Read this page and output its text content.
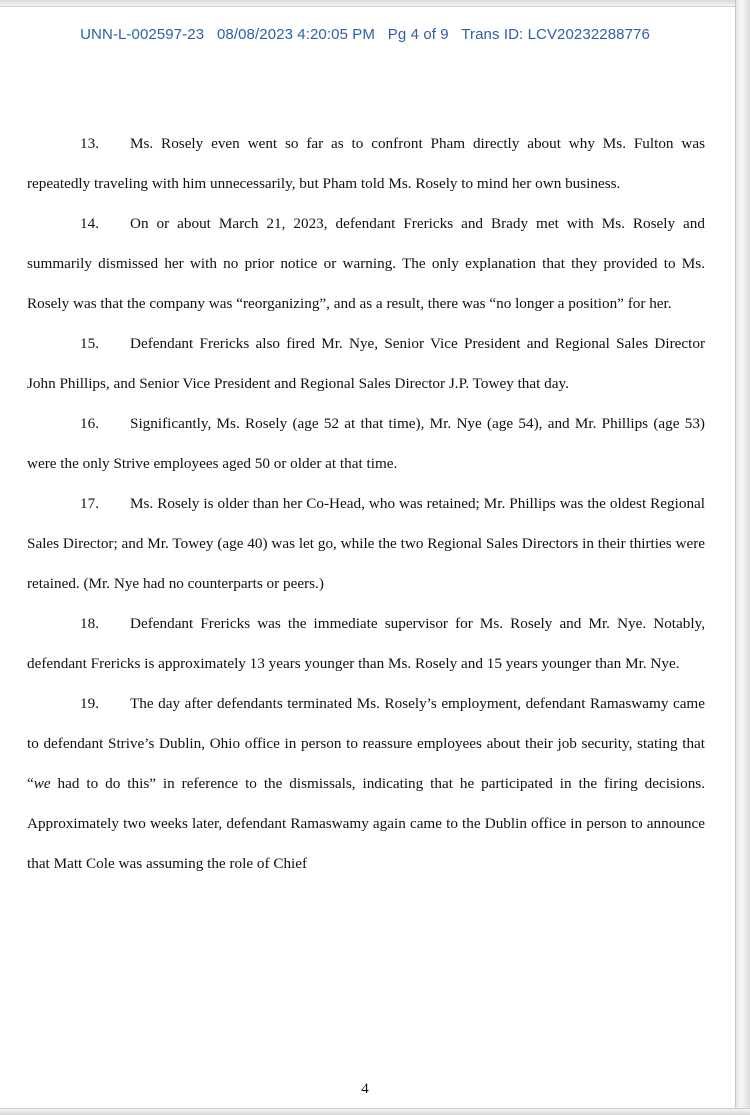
UNN-L-002597-23   08/08/2023 4:20:05 PM   Pg 4 of 9   Trans ID: LCV20232288776

13. Ms. Rosely even went so far as to confront Pham directly about why Ms. Fulton was repeatedly traveling with him unnecessarily, but Pham told Ms. Rosely to mind her own business.

14. On or about March 21, 2023, defendant Frericks and Brady met with Ms. Rosely and summarily dismissed her with no prior notice or warning. The only explanation that they provided to Ms. Rosely was that the company was “reorganizing”, and as a result, there was “no longer a position” for her.

15. Defendant Frericks also fired Mr. Nye, Senior Vice President and Regional Sales Director John Phillips, and Senior Vice President and Regional Sales Director J.P. Towey that day.

16. Significantly, Ms. Rosely (age 52 at that time), Mr. Nye (age 54), and Mr. Phillips (age 53) were the only Strive employees aged 50 or older at that time.

17. Ms. Rosely is older than her Co-Head, who was retained; Mr. Phillips was the oldest Regional Sales Director; and Mr. Towey (age 40) was let go, while the two Regional Sales Directors in their thirties were retained. (Mr. Nye had no counterparts or peers.)

18. Defendant Frericks was the immediate supervisor for Ms. Rosely and Mr. Nye. Notably, defendant Frericks is approximately 13 years younger than Ms. Rosely and 15 years younger than Mr. Nye.

19. The day after defendants terminated Ms. Rosely’s employment, defendant Ramaswamy came to defendant Strive’s Dublin, Ohio office in person to reassure employees about their job security, stating that “we had to do this” in reference to the dismissals, indicating that he participated in the firing decisions. Approximately two weeks later, defendant Ramaswamy again came to the Dublin office in person to announce that Matt Cole was assuming the role of Chief

4
